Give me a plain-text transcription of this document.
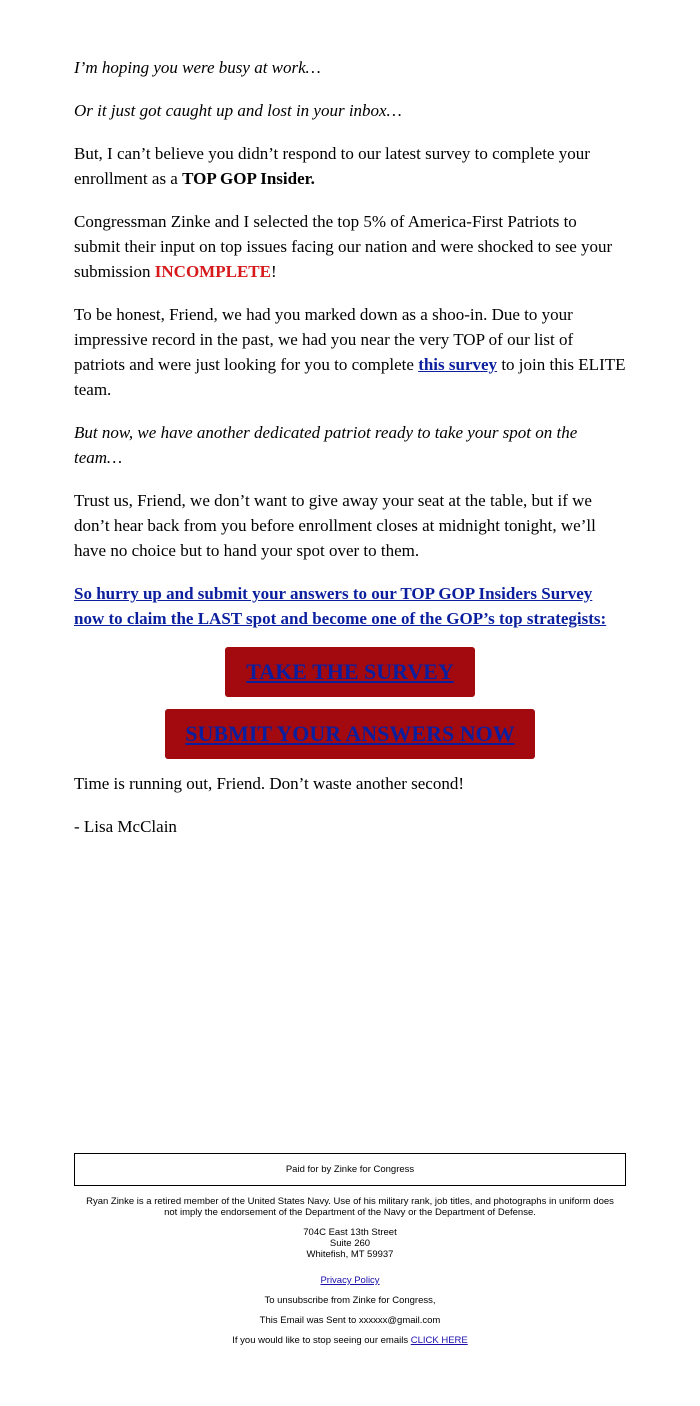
I’m hoping you were busy at work…

Or it just got caught up and lost in your inbox…

But, I can’t believe you didn’t respond to our latest survey to complete your enrollment as a TOP GOP Insider.

Congressman Zinke and I selected the top 5% of America-First Patriots to submit their input on top issues facing our nation and were shocked to see your submission INCOMPLETE!

To be honest, Friend, we had you marked down as a shoo-in. Due to your impressive record in the past, we had you near the very TOP of our list of patriots and were just looking for you to complete this survey to join this ELITE team.

But now, we have another dedicated patriot ready to take your spot on the team…

Trust us, Friend, we don’t want to give away your seat at the table, but if we don’t hear back from you before enrollment closes at midnight tonight, we’ll have no choice but to hand your spot over to them.

So hurry up and submit your answers to our TOP GOP Insiders Survey now to claim the LAST spot and become one of the GOP’s top strategists:

TAKE THE SURVEY
SUBMIT YOUR ANSWERS NOW

Time is running out, Friend. Don’t waste another second!

- Lisa McClain

Paid for by Zinke for Congress

Ryan Zinke is a retired member of the United States Navy. Use of his military rank, job titles, and photographs in uniform does not imply the endorsement of the Department of the Navy or the Department of Defense.

704C East 13th Street
Suite 260
Whitefish, MT 59937

Privacy Policy

To unsubscribe from Zinke for Congress,

This Email was Sent to xxxxxx@gmail.com

If you would like to stop seeing our emails CLICK HERE
